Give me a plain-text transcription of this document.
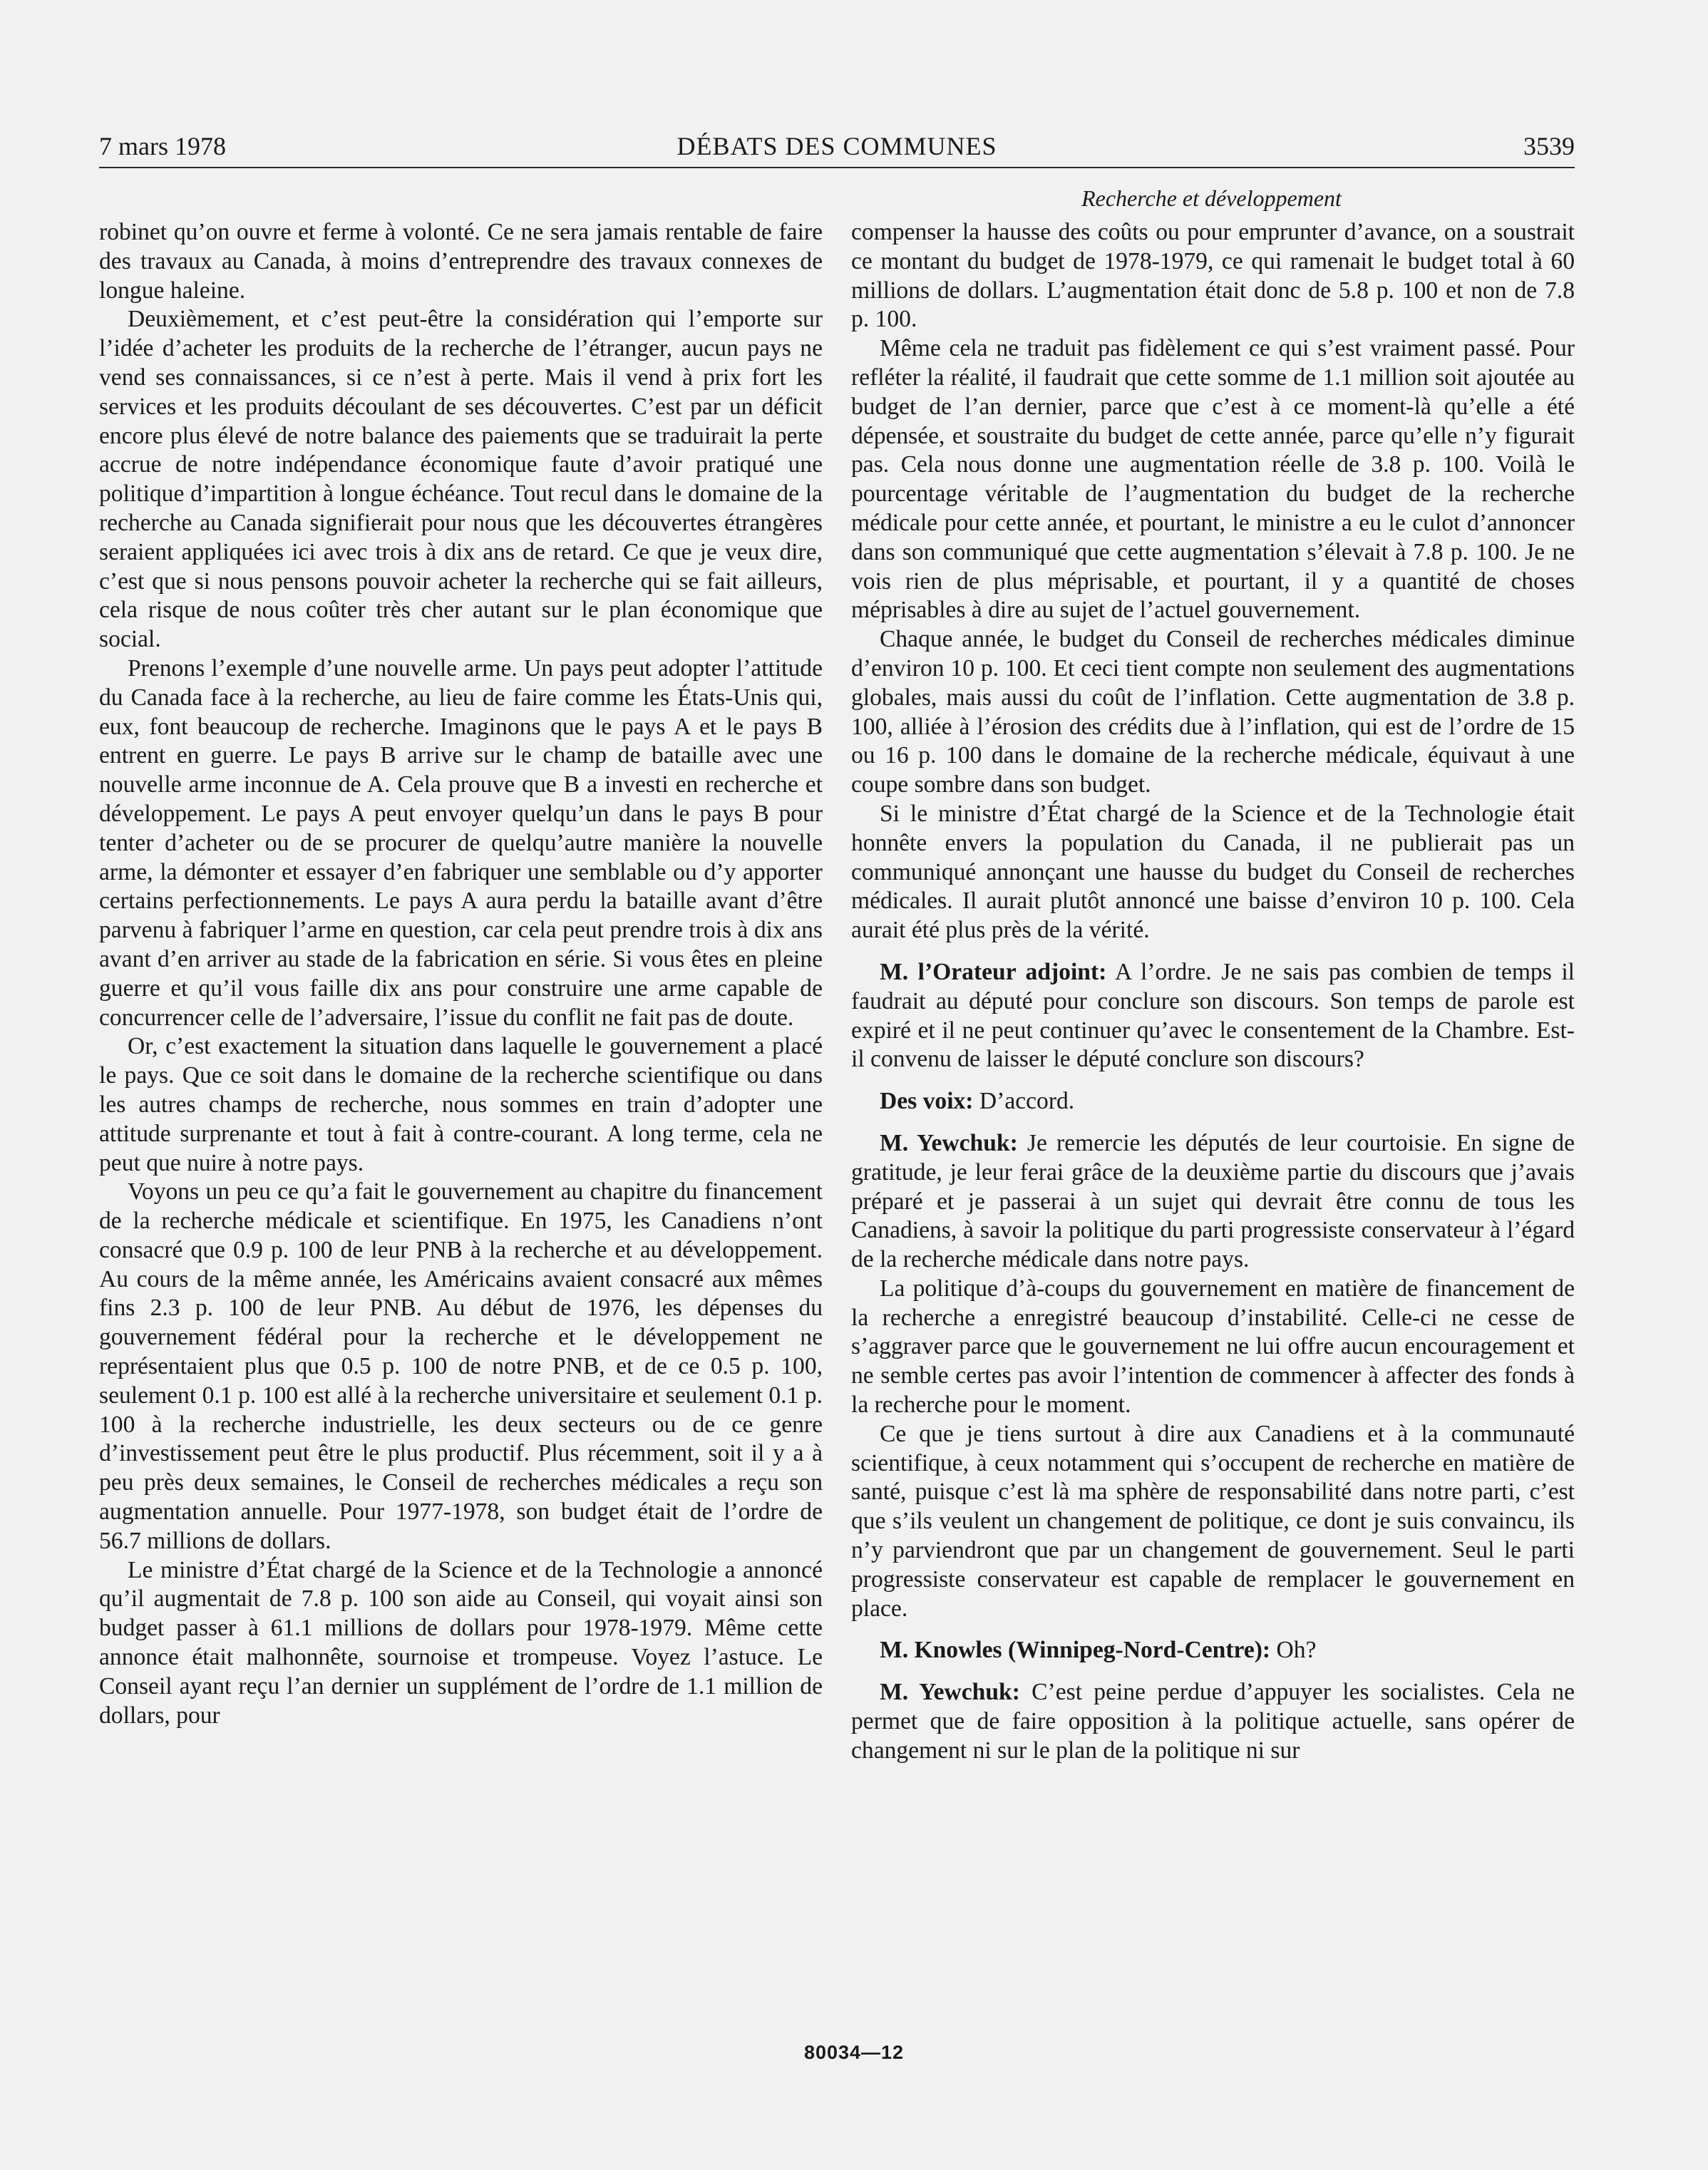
7 mars 1978	DÉBATS DES COMMUNES	3539
Recherche et développement

robinet qu’on ouvre et ferme à volonté. Ce ne sera jamais rentable de faire des travaux au Canada, à moins d’entreprendre des travaux connexes de longue haleine.

Deuxièmement, et c’est peut-être la considération qui l’emporte sur l’idée d’acheter les produits de la recherche de l’étranger, aucun pays ne vend ses connaissances, si ce n’est à perte. Mais il vend à prix fort les services et les produits découlant de ses découvertes. C’est par un déficit encore plus élevé de notre balance des paiements que se traduirait la perte accrue de notre indépendance économique faute d’avoir pratiqué une politique d’impartition à longue échéance. Tout recul dans le domaine de la recherche au Canada signifierait pour nous que les découvertes étrangères seraient appliquées ici avec trois à dix ans de retard. Ce que je veux dire, c’est que si nous pensons pouvoir acheter la recherche qui se fait ailleurs, cela risque de nous coûter très cher autant sur le plan économique que social.

Prenons l’exemple d’une nouvelle arme. Un pays peut adopter l’attitude du Canada face à la recherche, au lieu de faire comme les États-Unis qui, eux, font beaucoup de recherche. Imaginons que le pays A et le pays B entrent en guerre. Le pays B arrive sur le champ de bataille avec une nouvelle arme inconnue de A. Cela prouve que B a investi en recherche et développement. Le pays A peut envoyer quelqu’un dans le pays B pour tenter d’acheter ou de se procurer de quelqu’autre manière la nouvelle arme, la démonter et essayer d’en fabriquer une semblable ou d’y apporter certains perfectionnements. Le pays A aura perdu la bataille avant d’être parvenu à fabriquer l’arme en question, car cela peut prendre trois à dix ans avant d’en arriver au stade de la fabrication en série. Si vous êtes en pleine guerre et qu’il vous faille dix ans pour construire une arme capable de concurrencer celle de l’adversaire, l’issue du conflit ne fait pas de doute.

Or, c’est exactement la situation dans laquelle le gouvernement a placé le pays. Que ce soit dans le domaine de la recherche scientifique ou dans les autres champs de recherche, nous sommes en train d’adopter une attitude surprenante et tout à fait à contre-courant. A long terme, cela ne peut que nuire à notre pays.

Voyons un peu ce qu’a fait le gouvernement au chapitre du financement de la recherche médicale et scientifique. En 1975, les Canadiens n’ont consacré que 0.9 p. 100 de leur PNB à la recherche et au développement. Au cours de la même année, les Américains avaient consacré aux mêmes fins 2.3 p. 100 de leur PNB. Au début de 1976, les dépenses du gouvernement fédéral pour la recherche et le développement ne représentaient plus que 0.5 p. 100 de notre PNB, et de ce 0.5 p. 100, seulement 0.1 p. 100 est allé à la recherche universitaire et seulement 0.1 p. 100 à la recherche industrielle, les deux secteurs ou de ce genre d’investissement peut être le plus productif. Plus récemment, soit il y a à peu près deux semaines, le Conseil de recherches médicales a reçu son augmentation annuelle. Pour 1977-1978, son budget était de l’ordre de 56.7 millions de dollars.

Le ministre d’État chargé de la Science et de la Technologie a annoncé qu’il augmentait de 7.8 p. 100 son aide au Conseil, qui voyait ainsi son budget passer à 61.1 millions de dollars pour 1978-1979. Même cette annonce était malhonnête, sournoise et trompeuse. Voyez l’astuce. Le Conseil ayant reçu l’an dernier un supplément de l’ordre de 1.1 million de dollars, pour

compenser la hausse des coûts ou pour emprunter d’avance, on a soustrait ce montant du budget de 1978-1979, ce qui ramenait le budget total à 60 millions de dollars. L’augmentation était donc de 5.8 p. 100 et non de 7.8 p. 100.

Même cela ne traduit pas fidèlement ce qui s’est vraiment passé. Pour refléter la réalité, il faudrait que cette somme de 1.1 million soit ajoutée au budget de l’an dernier, parce que c’est à ce moment-là qu’elle a été dépensée, et soustraite du budget de cette année, parce qu’elle n’y figurait pas. Cela nous donne une augmentation réelle de 3.8 p. 100. Voilà le pourcentage véritable de l’augmentation du budget de la recherche médicale pour cette année, et pourtant, le ministre a eu le culot d’annoncer dans son communiqué que cette augmentation s’élevait à 7.8 p. 100. Je ne vois rien de plus méprisable, et pourtant, il y a quantité de choses méprisables à dire au sujet de l’actuel gouvernement.

Chaque année, le budget du Conseil de recherches médicales diminue d’environ 10 p. 100. Et ceci tient compte non seulement des augmentations globales, mais aussi du coût de l’inflation. Cette augmentation de 3.8 p. 100, alliée à l’érosion des crédits due à l’inflation, qui est de l’ordre de 15 ou 16 p. 100 dans le domaine de la recherche médicale, équivaut à une coupe sombre dans son budget.

Si le ministre d’État chargé de la Science et de la Technologie était honnête envers la population du Canada, il ne publierait pas un communiqué annonçant une hausse du budget du Conseil de recherches médicales. Il aurait plutôt annoncé une baisse d’environ 10 p. 100. Cela aurait été plus près de la vérité.

M. l’Orateur adjoint: A l’ordre. Je ne sais pas combien de temps il faudrait au député pour conclure son discours. Son temps de parole est expiré et il ne peut continuer qu’avec le consentement de la Chambre. Est-il convenu de laisser le député conclure son discours?

Des voix: D’accord.

M. Yewchuk: Je remercie les députés de leur courtoisie. En signe de gratitude, je leur ferai grâce de la deuxième partie du discours que j’avais préparé et je passerai à un sujet qui devrait être connu de tous les Canadiens, à savoir la politique du parti progressiste conservateur à l’égard de la recherche médicale dans notre pays.

La politique d’à-coups du gouvernement en matière de financement de la recherche a enregistré beaucoup d’instabilité. Celle-ci ne cesse de s’aggraver parce que le gouvernement ne lui offre aucun encouragement et ne semble certes pas avoir l’intention de commencer à affecter des fonds à la recherche pour le moment.

Ce que je tiens surtout à dire aux Canadiens et à la communauté scientifique, à ceux notamment qui s’occupent de recherche en matière de santé, puisque c’est là ma sphère de responsabilité dans notre parti, c’est que s’ils veulent un changement de politique, ce dont je suis convaincu, ils n’y parviendront que par un changement de gouvernement. Seul le parti progressiste conservateur est capable de remplacer le gouvernement en place.

M. Knowles (Winnipeg-Nord-Centre): Oh?

M. Yewchuk: C’est peine perdue d’appuyer les socialistes. Cela ne permet que de faire opposition à la politique actuelle, sans opérer de changement ni sur le plan de la politique ni sur

80034—12
